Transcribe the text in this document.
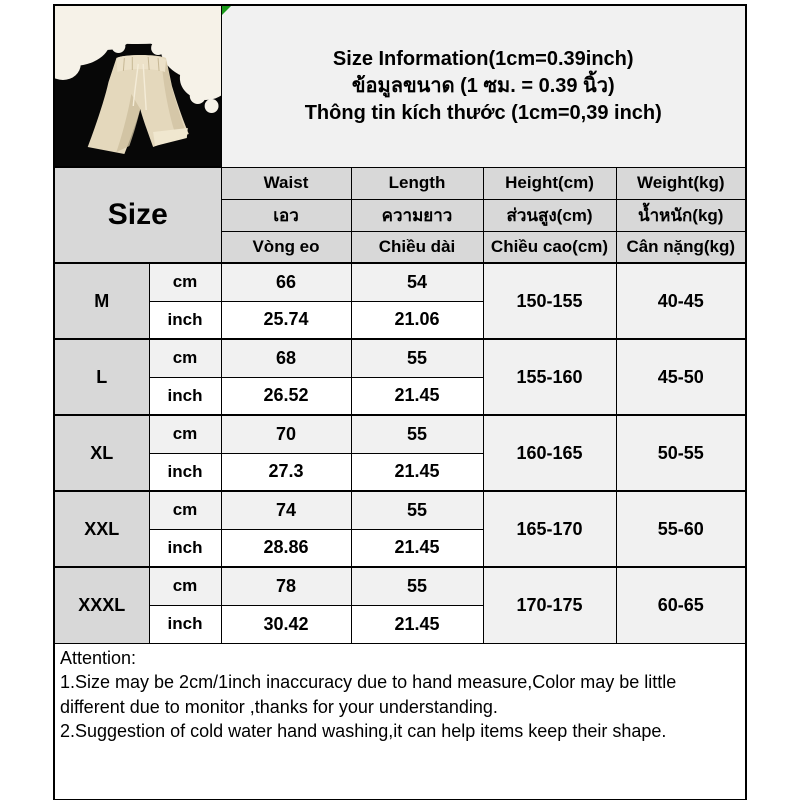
Size Information(1cm=0.39inch)
ข้อมูลขนาด (1 ซม. = 0.39 นิ้ว)
Thông tin kích thước (1cm=0,39 inch)			

Size		Waist	Length	Height(cm)	Weight(kg)
		เอว	ความยาว	ส่วนสูง(cm)	น้ำหนัก(kg)
		Vòng eo	Chiều dài	Chiều cao(cm)	Cân nặng(kg)
M	cm	66	54	150-155	40-45
	inch	25.74	21.06		
L	cm	68	55	155-160	45-50
	inch	26.52	21.45		
XL	cm	70	55	160-165	50-55
	inch	27.3	21.45		
XXL	cm	74	55	165-170	55-60
	inch	28.86	21.45		
XXXL	cm	78	55	170-175	60-65
	inch	30.42	21.45		

Attention:
1.Size may be 2cm/1inch inaccuracy due to hand measure,Color may be little different due to monitor ,thanks for your understanding.
2.Suggestion of cold water hand washing,it can help items keep their shape.					
